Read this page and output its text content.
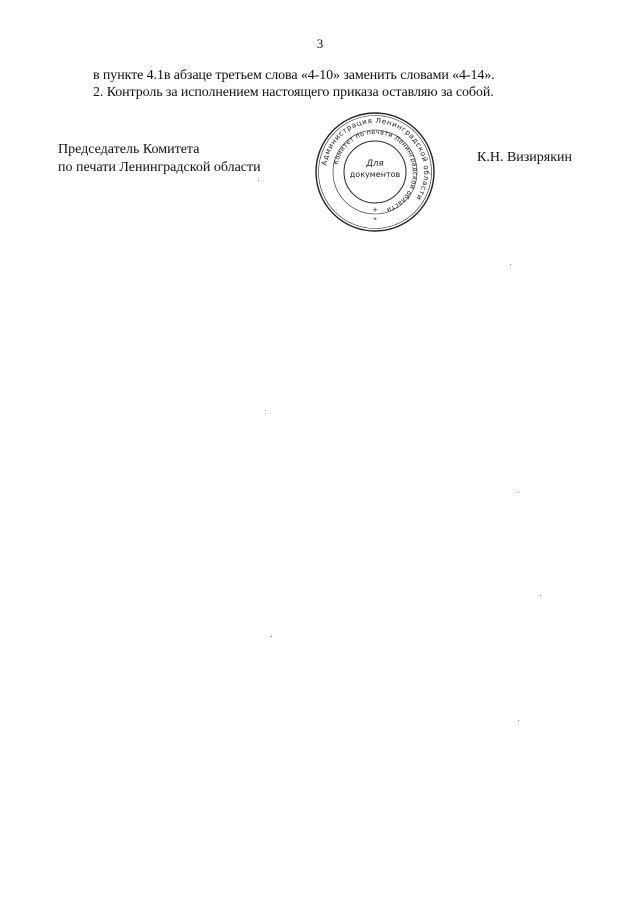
3
в пункте 4.1в абзаце третьем слова «4-10» заменить словами «4-14».
2. Контроль за исполнением настоящего приказа оставляю за собой.
Председатель Комитета
по печати Ленинградской области
К.Н. Визирякин
Администрация Ленинградской области
Комитет по печати Ленинградской области
Для
документов
+
*
